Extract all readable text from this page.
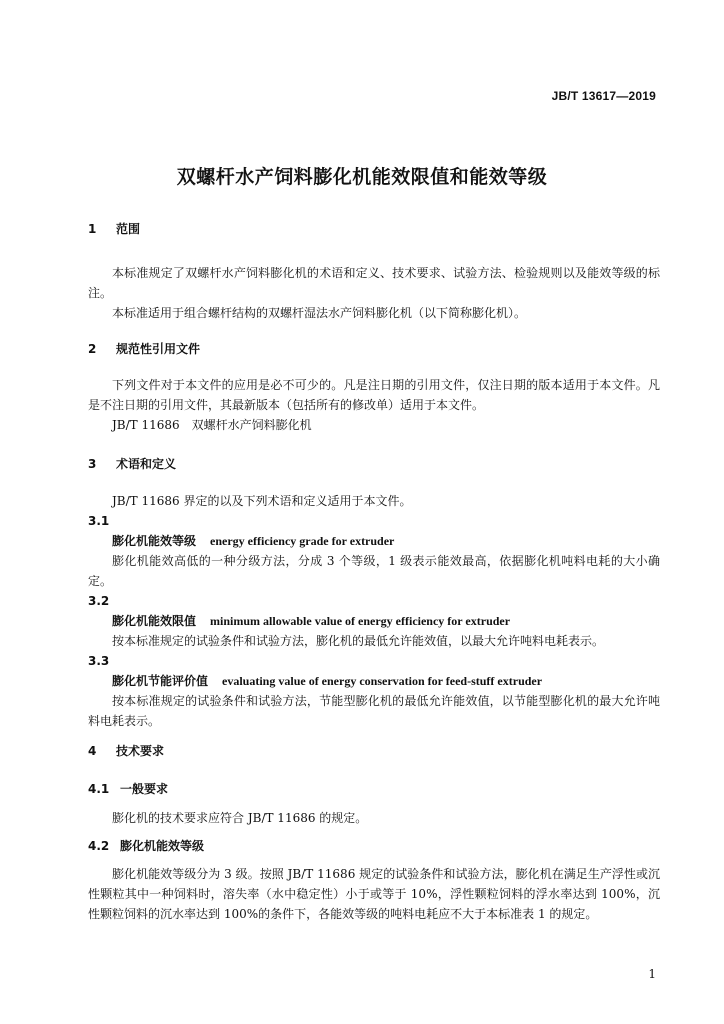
JB/T 13617—2019
双螺杆水产饲料膨化机能效限值和能效等级
1 范围
本标准规定了双螺杆水产饲料膨化机的术语和定义、技术要求、试验方法、检验规则以及能效等级的标注。
本标准适用于组合螺杆结构的双螺杆湿法水产饲料膨化机（以下简称膨化机）。
2 规范性引用文件
下列文件对于本文件的应用是必不可少的。凡是注日期的引用文件，仅注日期的版本适用于本文件。凡是不注日期的引用文件，其最新版本（包括所有的修改单）适用于本文件。
JB/T 11686 双螺杆水产饲料膨化机
3 术语和定义
JB/T 11686 界定的以及下列术语和定义适用于本文件。
3.1
膨化机能效等级 energy efficiency grade for extruder
膨化机能效高低的一种分级方法，分成 3 个等级，1 级表示能效最高，依据膨化机吨料电耗的大小确定。
3.2
膨化机能效限值 minimum allowable value of energy efficiency for extruder
按本标准规定的试验条件和试验方法，膨化机的最低允许能效值，以最大允许吨料电耗表示。
3.3
膨化机节能评价值 evaluating value of energy conservation for feed-stuff extruder
按本标准规定的试验条件和试验方法，节能型膨化机的最低允许能效值，以节能型膨化机的最大允许吨料电耗表示。
4 技术要求
4.1 一般要求
膨化机的技术要求应符合 JB/T 11686 的规定。
4.2 膨化机能效等级
膨化机能效等级分为 3 级。按照 JB/T 11686 规定的试验条件和试验方法，膨化机在满足生产浮性或沉性颗粒其中一种饲料时，溶失率（水中稳定性）小于或等于 10%，浮性颗粒饲料的浮水率达到 100%，沉性颗粒饲料的沉水率达到 100%的条件下，各能效等级的吨料电耗应不大于本标准表 1 的规定。
1
